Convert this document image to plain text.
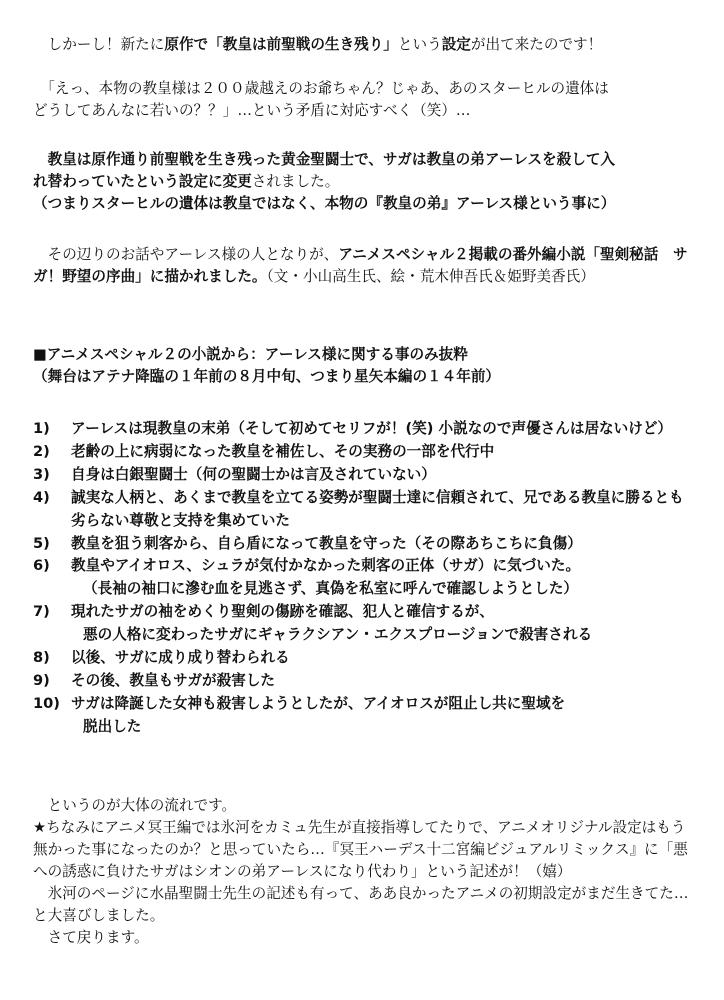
　しかーし！新たに原作で「教皇は前聖戦の生き残り」という設定が出て来たのです！

　「えっ、本物の教皇様は２００歳越えのお爺ちゃん？じゃあ、あのスターヒルの遺体は
どうしてあんなに若いの？？」…という矛盾に対応すべく（笑）…

　教皇は原作通り前聖戦を生き残った黄金聖闘士で、サガは教皇の弟アーレスを殺して入
れ替わっていたという設定に変更されました。
（つまりスターヒルの遺体は教皇ではなく、本物の『教皇の弟』アーレス様という事に）

　その辺りのお話やアーレス様の人となりが、アニメスペシャル２掲載の番外編小説「聖剣秘話　サガ！野望の序曲」に描かれました。（文・小山高生氏、絵・荒木伸吾氏＆姫野美香氏）

■アニメスペシャル２の小説から：アーレス様に関する事のみ抜粋
（舞台はアテナ降臨の１年前の８月中旬、つまり星矢本編の１４年前）

1) アーレスは現教皇の末弟（そして初めてセリフが！(笑) 小説なので声優さんは居ないけど）
2) 老齢の上に病弱になった教皇を補佐し、その実務の一部を代行中
3) 自身は白銀聖闘士（何の聖闘士かは言及されていない）
4) 誠実な人柄と、あくまで教皇を立てる姿勢が聖闘士達に信頼されて、兄である教皇に勝るとも劣らない尊敬と支持を集めていた
5) 教皇を狙う刺客から、自ら盾になって教皇を守った（その際あちこちに負傷）
6) 教皇やアイオロス、シュラが気付かなかった刺客の正体（サガ）に気づいた。
（長袖の袖口に滲む血を見逃さず、真偽を私室に呼んで確認しようとした）
7) 現れたサガの袖をめくり聖剣の傷跡を確認、犯人と確信するが、
悪の人格に変わったサガにギャラクシアン・エクスプロージョンで殺害される
8) 以後、サガに成り成り替わられる
9) その後、教皇もサガが殺害した
10) サガは降誕した女神も殺害しようとしたが、アイオロスが阻止し共に聖域を
脱出した

　というのが大体の流れです。
★ちなみにアニメ冥王編では氷河をカミュ先生が直接指導してたりで、アニメオリジナル設定はもう無かった事になったのか？と思っていたら…『冥王ハーデス十二宮編ビジュアルリミックス』に「悪への誘惑に負けたサガはシオンの弟アーレスになり代わり」という記述が！（嬉）
　氷河のページに水晶聖闘士先生の記述も有って、ああ良かったアニメの初期設定がまだ生きてた…と大喜びしました。
　さて戻ります。
